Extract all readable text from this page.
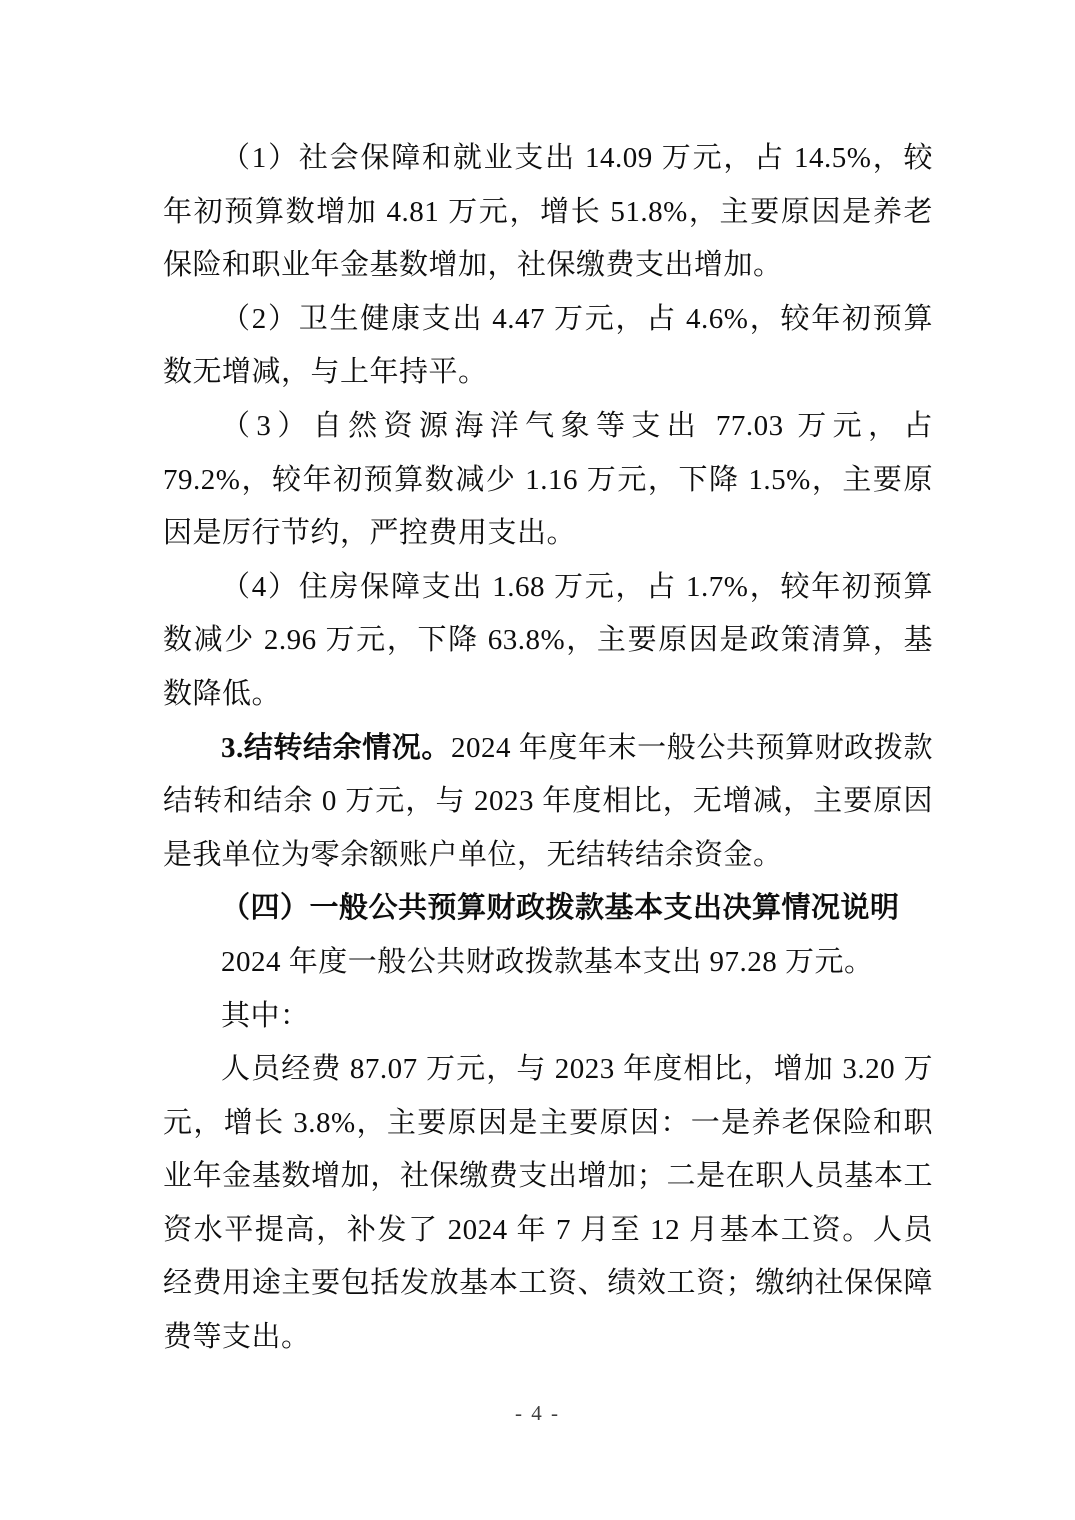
（1）社会保障和就业支出 14.09 万元，占 14.5%，较年初预算数增加 4.81 万元，增长 51.8%，主要原因是养老保险和职业年金基数增加，社保缴费支出增加。

（2）卫生健康支出 4.47 万元，占 4.6%，较年初预算数无增减，与上年持平。

（3）自然资源海洋气象等支出 77.03 万元，占 79.2%，较年初预算数减少 1.16 万元，下降 1.5%，主要原因是厉行节约，严控费用支出。

（4）住房保障支出 1.68 万元，占 1.7%，较年初预算数减少 2.96 万元，下降 63.8%，主要原因是政策清算，基数降低。

3.结转结余情况。2024 年度年末一般公共预算财政拨款结转和结余 0 万元，与 2023 年度相比，无增减，主要原因是我单位为零余额账户单位，无结转结余资金。

（四）一般公共预算财政拨款基本支出决算情况说明

2024 年度一般公共财政拨款基本支出 97.28 万元。

其中：

人员经费 87.07 万元，与 2023 年度相比，增加 3.20 万元，增长 3.8%，主要原因是主要原因：一是养老保险和职业年金基数增加，社保缴费支出增加；二是在职人员基本工资水平提高，补发了 2024 年 7 月至 12 月基本工资。人员经费用途主要包括发放基本工资、绩效工资；缴纳社保保障费等支出。

- 4 -
